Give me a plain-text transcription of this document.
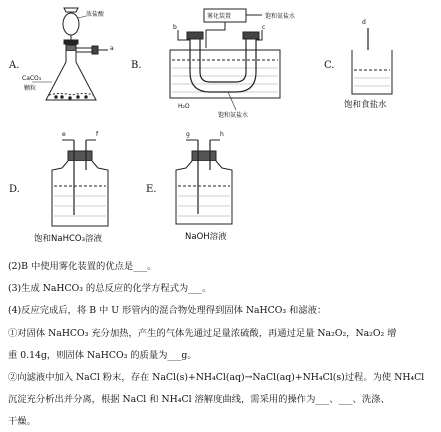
A.	B.	C.
D.	E.
浓盐酸
CaCO₃
颗粒
a
雾化装置	饱和氨盐水
b	c
H₂O
饱和氨盐水
d
饱和食盐水
e	f
饱和NaHCO₃溶液
g	h
NaOH溶液
(2)B 中使用雾化装置的优点是___。
(3)生成 NaHCO₃ 的总反应的化学方程式为___。
(4)反应完成后，将 B 中 U 形管内的混合物处理得到固体 NaHCO₃ 和滤液：
①对固体 NaHCO₃ 充分加热，产生的气体先通过足量浓硫酸，再通过足量 Na₂O₂，Na₂O₂ 增
重 0.14g，则固体 NaHCO₃ 的质量为___g。
②向滤液中加入 NaCl 粉末，存在 NaCl(s)+NH₄Cl(aq)→NaCl(aq)+NH₄Cl(s)过程。为使 NH₄Cl
沉淀充分析出并分离，根据 NaCl 和 NH₄Cl 溶解度曲线，需采用的操作为___、___、洗涤、
干燥。
